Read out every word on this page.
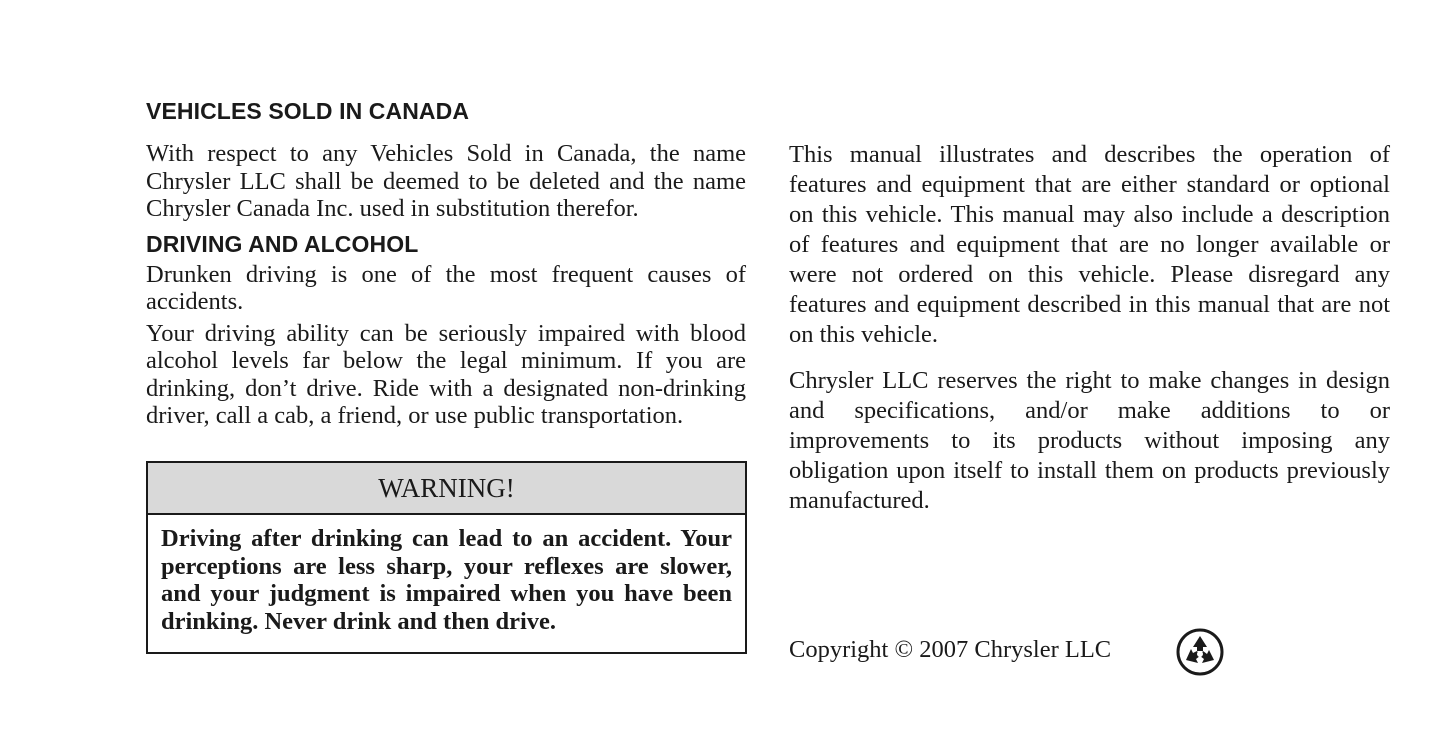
VEHICLES SOLD IN CANADA

With respect to any Vehicles Sold in Canada, the name Chrysler LLC shall be deemed to be deleted and the name Chrysler Canada Inc. used in substitution therefor.

DRIVING AND ALCOHOL

Drunken driving is one of the most frequent causes of accidents.

Your driving ability can be seriously impaired with blood alcohol levels far below the legal minimum. If you are drinking, don’t drive. Ride with a designated non-drinking driver, call a cab, a friend, or use public transportation.

WARNING!
Driving after drinking can lead to an accident. Your perceptions are less sharp, your reflexes are slower, and your judgment is impaired when you have been drinking. Never drink and then drive.

This manual illustrates and describes the operation of features and equipment that are either standard or optional on this vehicle. This manual may also include a description of features and equipment that are no longer available or were not ordered on this vehicle. Please disregard any features and equipment described in this manual that are not on this vehicle.

Chrysler LLC reserves the right to make changes in design and specifications, and/or make additions to or improvements to its products without imposing any obligation upon itself to install them on products previously manufactured.

Copyright © 2007 Chrysler LLC
